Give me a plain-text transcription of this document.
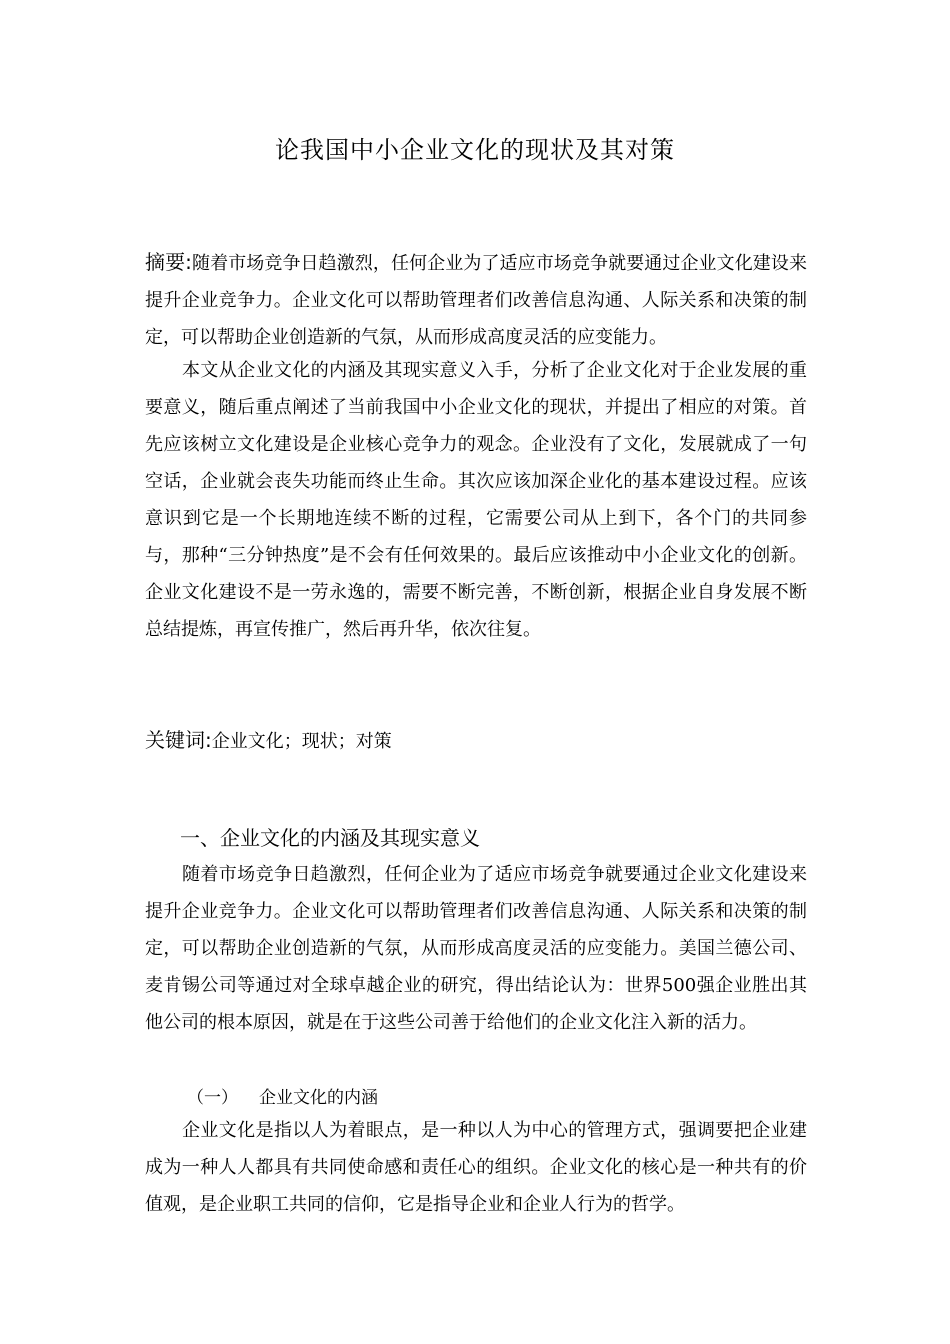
论我国中小企业文化的现状及其对策
摘要:随着市场竞争日趋激烈，任何企业为了适应市场竞争就要通过企业文化建设来提升企业竞争力。企业文化可以帮助管理者们改善信息沟通、人际关系和决策的制定，可以帮助企业创造新的气氛，从而形成高度灵活的应变能力。
本文从企业文化的内涵及其现实意义入手，分析了企业文化对于企业发展的重要意义，随后重点阐述了当前我国中小企业文化的现状，并提出了相应的对策。首先应该树立文化建设是企业核心竞争力的观念。企业没有了文化，发展就成了一句空话，企业就会丧失功能而终止生命。其次应该加深企业化的基本建设过程。应该意识到它是一个长期地连续不断的过程，它需要公司从上到下，各个门的共同参与，那种“三分钟热度”是不会有任何效果的。最后应该推动中小企业文化的创新。企业文化建设不是一劳永逸的，需要不断完善，不断创新，根据企业自身发展不断总结提炼，再宣传推广，然后再升华，依次往复。
关键词:企业文化；现状；对策
一、企业文化的内涵及其现实意义
随着市场竞争日趋激烈，任何企业为了适应市场竞争就要通过企业文化建设来提升企业竞争力。企业文化可以帮助管理者们改善信息沟通、人际关系和决策的制定，可以帮助企业创造新的气氛，从而形成高度灵活的应变能力。美国兰德公司、麦肯锡公司等通过对全球卓越企业的研究，得出结论认为：世界500强企业胜出其他公司的根本原因，就是在于这些公司善于给他们的企业文化注入新的活力。
（一） 企业文化的内涵
企业文化是指以人为着眼点，是一种以人为中心的管理方式，强调要把企业建成为一种人人都具有共同使命感和责任心的组织。企业文化的核心是一种共有的价值观，是企业职工共同的信仰，它是指导企业和企业人行为的哲学。
